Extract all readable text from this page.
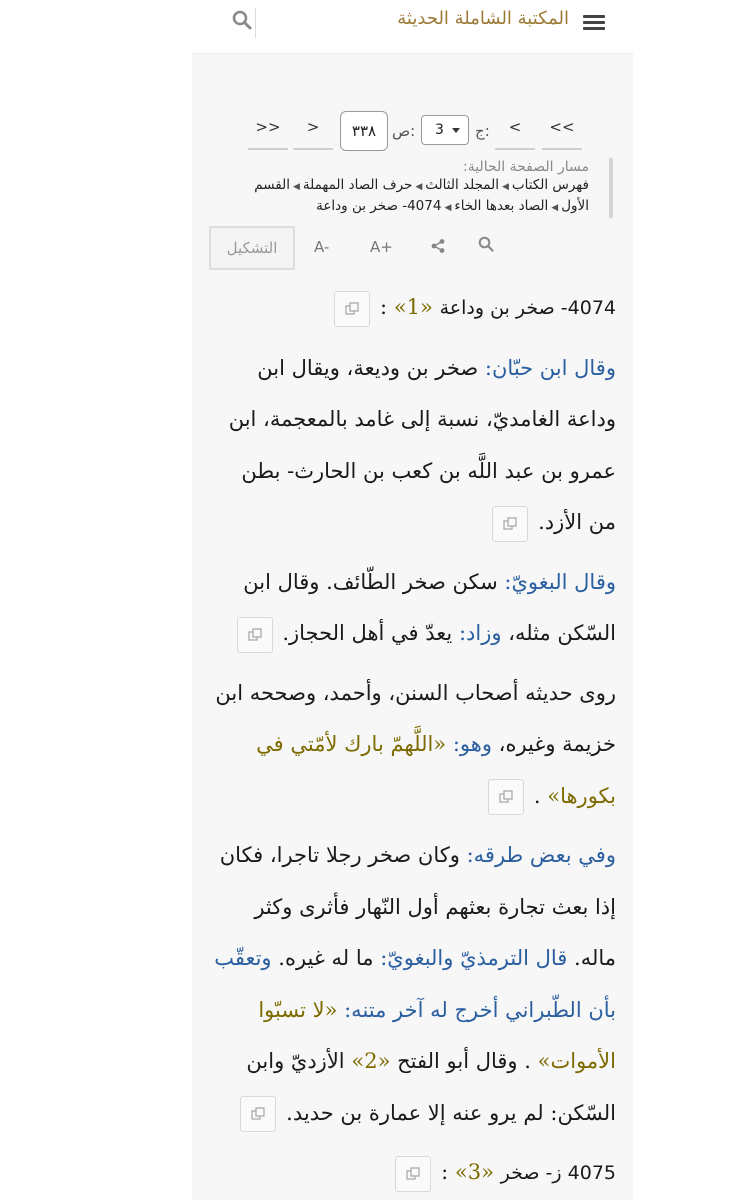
المكتبة الشاملة الحديثة
<<
<
ج:
3
ص:
٣٣٨
>
>>
مسار الصفحة الحالية:
فهرس الكتاب◀المجلد الثالث◀حرف الصاد المهملة◀القسم الأول◀الصاد بعدها الخاء◀4074- صخر بن وداعة
A+
A-
التشكيل

4074- صخر بن وداعة «1» :

وقال ابن حبّان: صخر بن وديعة، ويقال ابن وداعة الغامديّ، نسبة إلى غامد بالمعجمة، ابن عمرو بن عبد اللَّه بن كعب بن الحارث- بطن من الأزد.

وقال البغويّ: سكن صخر الطّائف. وقال ابن السّكن مثله، وزاد: يعدّ في أهل الحجاز.

روى حديثه أصحاب السنن، وأحمد، وصححه ابن خزيمة وغيره، وهو: «اللَّهمّ بارك لأمّتي في بكورها» .

وفي بعض طرقه: وكان صخر رجلا تاجرا، فكان إذا بعث تجارة بعثهم أول النّهار فأثرى وكثر ماله. قال الترمذيّ والبغويّ: ما له غيره. وتعقّب بأن الطّبراني أخرج له آخر متنه: «لا تسبّوا الأموات» . وقال أبو الفتح «2» الأزديّ وابن السّكن: لم يرو عنه إلا عمارة بن حديد.

4075 ز- صخر «3» :
